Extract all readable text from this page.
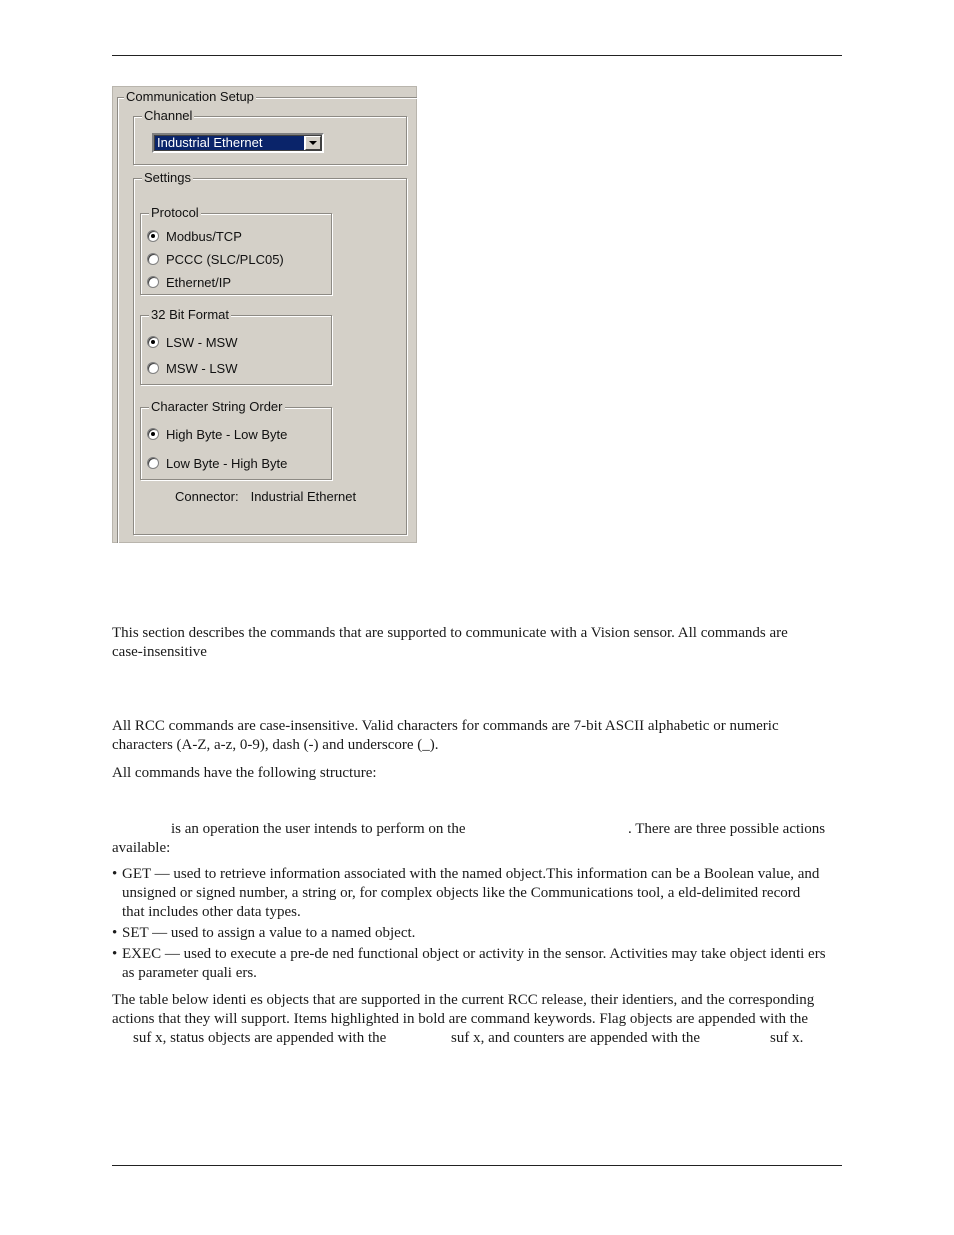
Communication Setup
Channel
Industrial Ethernet
Settings
Protocol
Modbus/TCP
PCCC (SLC/PLC05)
Ethernet/IP
32 Bit Format
LSW - MSW
MSW - LSW
Character String Order
High Byte - Low Byte
Low Byte - High Byte
Connector: Industrial Ethernet

This section describes the commands that are supported to communicate with a Vision sensor. All commands are
case-insensitive

All RCC commands are case-insensitive. Valid characters for commands are 7-bit ASCII alphabetic or numeric
characters (A-Z, a-z, 0-9), dash (-) and underscore (_).

All commands have the following structure:

is an operation the user intends to perform on the	. There are three possible actions
available:

• GET — used to retrieve information associated with the named object.This information can be a Boolean value, and
unsigned or signed number, a string or, for complex objects like the Communications tool, a eld-delimited record
that includes other data types.
• SET — used to assign a value to a named object.
• EXEC — used to execute a pre-de ned functional object or activity in the sensor. Activities may take object identi ers
as parameter quali ers.

The table below identi es objects that are supported in the current RCC release, their identiers, and the corresponding
actions that they will support. Items highlighted in bold are command keywords. Flag objects are appended with the
suf x, status objects are appended with the	suf x, and counters are appended with the	suf x.
